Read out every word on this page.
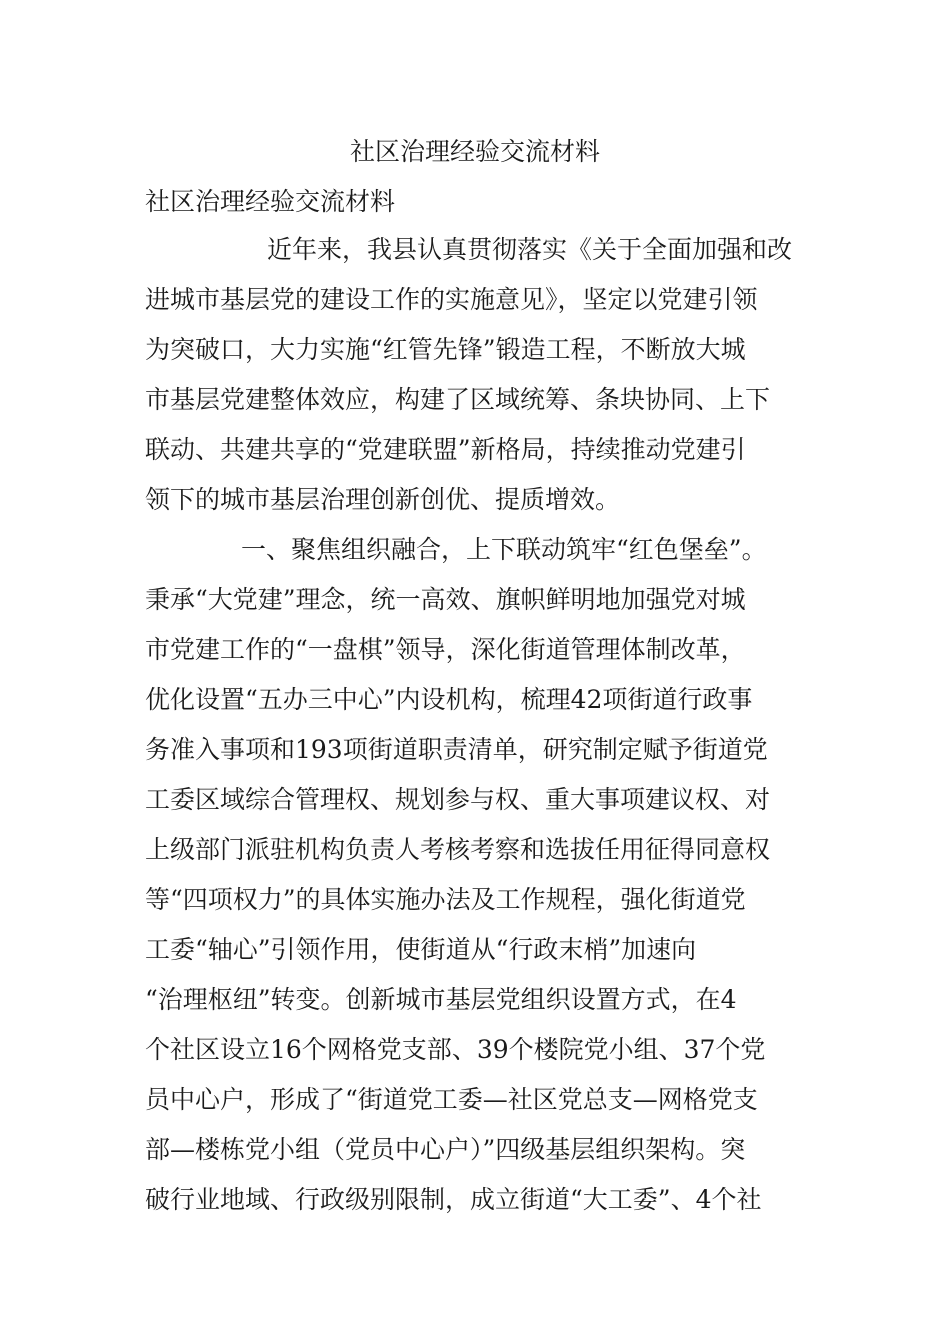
社区治理经验交流材料
社区治理经验交流材料
近年来，我县认真贯彻落实《关于全面加强和改
进城市基层党的建设工作的实施意见》，坚定以党建引领
为突破口，大力实施“红管先锋”锻造工程，不断放大城
市基层党建整体效应，构建了区域统筹、条块协同、上下
联动、共建共享的“党建联盟”新格局，持续推动党建引
领下的城市基层治理创新创优、提质增效。
一、聚焦组织融合，上下联动筑牢“红色堡垒”。
秉承“大党建”理念，统一高效、旗帜鲜明地加强党对城
市党建工作的“一盘棋”领导，深化街道管理体制改革，
优化设置“五办三中心”内设机构，梳理42项街道行政事
务准入事项和193项街道职责清单，研究制定赋予街道党
工委区域综合管理权、规划参与权、重大事项建议权、对
上级部门派驻机构负责人考核考察和选拔任用征得同意权
等“四项权力”的具体实施办法及工作规程，强化街道党
工委“轴心”引领作用，使街道从“行政末梢”加速向
“治理枢纽”转变。创新城市基层党组织设置方式，在4
个社区设立16个网格党支部、39个楼院党小组、37个党
员中心户，形成了“街道党工委—社区党总支—网格党支
部—楼栋党小组（党员中心户）”四级基层组织架构。突
破行业地域、行政级别限制，成立街道“大工委”、4个社
